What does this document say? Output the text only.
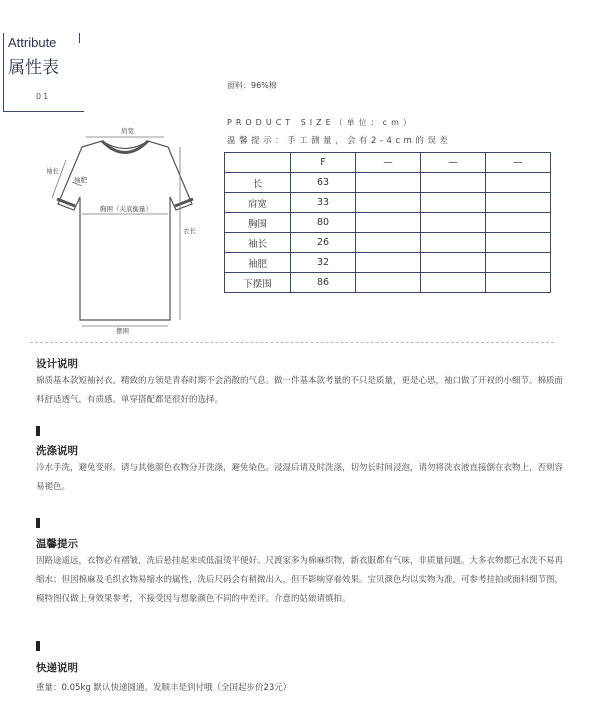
Attribute
属性表
01
面料：96%棉
PRODUCT SIZE（单位：cm）
温馨提示：手工测量，会有2-4cm的误差
肩宽
袖长
袖肥
胸围（夹底衡量）
衣长
摆围
	F	—	—	—
长	63			
肩宽	33			
胸围	80			
袖长	26			
袖肥	32			
下摆围	86			
设计说明
棉质基本款短袖衬衣。精致的方领是青春时期不会消散的气息。做一件基本款考量的不只是质量，更是心思，袖口做了开衩的小细节。棉质面料舒适透气，有质感。单穿搭配都是很好的选择。
洗涤说明
冷水手洗，避免变形。请与其他颜色衣物分开洗涤，避免染色。浸湿后请及时洗涤，切勿长时间浸泡，请勿将洗衣液直接倒在衣物上，否则容易褪色。
温馨提示
因路途遥远，衣物必有褶皱，洗后悬挂起来或低温烫平便好。尺渡家多为棉麻织物，新衣服都有气味，非质量问题。大多衣物都已水洗不易再缩水；但因棉麻及毛织衣物易缩水的属性，洗后尺码会有稍微出入，但不影响穿着效果。宝贝颜色均以实物为准，可参考挂拍或面料细节图，模特图仅做上身效果参考，不接受因与想象颜色不同的申差评。介意的姑娘请慎拍。
快递说明
重量：0.05kg 默认快递圆通。发顺丰是到付哦（全国起步价23元）
